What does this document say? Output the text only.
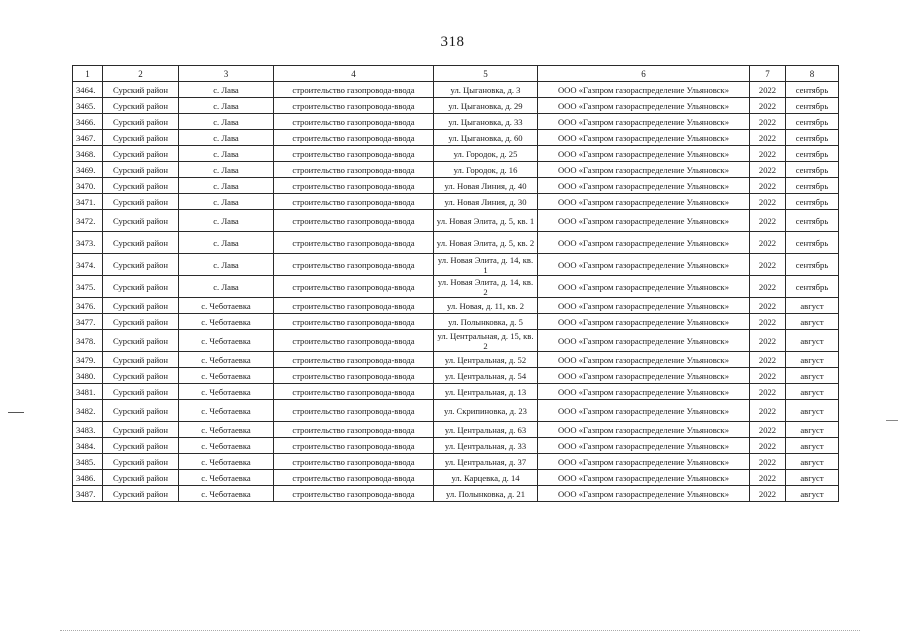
318
1	2	3	4	5	6	7	8
3464.	Сурский район	с. Лава	строительство газопровода-ввода	ул. Цыгановка, д. 3	ООО «Газпром газораспределение Ульяновск»	2022	сентябрь
3465.	Сурский район	с. Лава	строительство газопровода-ввода	ул. Цыгановка, д. 29	ООО «Газпром газораспределение Ульяновск»	2022	сентябрь
3466.	Сурский район	с. Лава	строительство газопровода-ввода	ул. Цыгановка, д. 33	ООО «Газпром газораспределение Ульяновск»	2022	сентябрь
3467.	Сурский район	с. Лава	строительство газопровода-ввода	ул. Цыгановка, д. 60	ООО «Газпром газораспределение Ульяновск»	2022	сентябрь
3468.	Сурский район	с. Лава	строительство газопровода-ввода	ул. Городок, д. 25	ООО «Газпром газораспределение Ульяновск»	2022	сентябрь
3469.	Сурский район	с. Лава	строительство газопровода-ввода	ул. Городок, д. 16	ООО «Газпром газораспределение Ульяновск»	2022	сентябрь
3470.	Сурский район	с. Лава	строительство газопровода-ввода	ул. Новая Линия, д. 40	ООО «Газпром газораспределение Ульяновск»	2022	сентябрь
3471.	Сурский район	с. Лава	строительство газопровода-ввода	ул. Новая Линия, д. 30	ООО «Газпром газораспределение Ульяновск»	2022	сентябрь
3472.	Сурский район	с. Лава	строительство газопровода-ввода	ул. Новая Элита, д. 5, кв. 1	ООО «Газпром газораспределение Ульяновск»	2022	сентябрь
3473.	Сурский район	с. Лава	строительство газопровода-ввода	ул. Новая Элита, д. 5, кв. 2	ООО «Газпром газораспределение Ульяновск»	2022	сентябрь
3474.	Сурский район	с. Лава	строительство газопровода-ввода	ул. Новая Элита, д. 14, кв. 1	ООО «Газпром газораспределение Ульяновск»	2022	сентябрь
3475.	Сурский район	с. Лава	строительство газопровода-ввода	ул. Новая Элита, д. 14, кв. 2	ООО «Газпром газораспределение Ульяновск»	2022	сентябрь
3476.	Сурский район	с. Чеботаевка	строительство газопровода-ввода	ул. Новая, д. 11, кв. 2	ООО «Газпром газораспределение Ульяновск»	2022	август
3477.	Сурский район	с. Чеботаевка	строительство газопровода-ввода	ул. Полынковка, д. 5	ООО «Газпром газораспределение Ульяновск»	2022	август
3478.	Сурский район	с. Чеботаевка	строительство газопровода-ввода	ул. Центральная, д. 15, кв. 2	ООО «Газпром газораспределение Ульяновск»	2022	август
3479.	Сурский район	с. Чеботаевка	строительство газопровода-ввода	ул. Центральная, д. 52	ООО «Газпром газораспределение Ульяновск»	2022	август
3480.	Сурский район	с. Чеботаевка	строительство газопровода-ввода	ул. Центральная, д. 54	ООО «Газпром газораспределение Ульяновск»	2022	август
3481.	Сурский район	с. Чеботаевка	строительство газопровода-ввода	ул. Центральная, д. 13	ООО «Газпром газораспределение Ульяновск»	2022	август
3482.	Сурский район	с. Чеботаевка	строительство газопровода-ввода	ул. Скрипиновка, д. 23	ООО «Газпром газораспределение Ульяновск»	2022	август
3483.	Сурский район	с. Чеботаевка	строительство газопровода-ввода	ул. Центральная, д. 63	ООО «Газпром газораспределение Ульяновск»	2022	август
3484.	Сурский район	с. Чеботаевка	строительство газопровода-ввода	ул. Центральная, д. 33	ООО «Газпром газораспределение Ульяновск»	2022	август
3485.	Сурский район	с. Чеботаевка	строительство газопровода-ввода	ул. Центральная, д. 37	ООО «Газпром газораспределение Ульяновск»	2022	август
3486.	Сурский район	с. Чеботаевка	строительство газопровода-ввода	ул. Карцевка, д. 14	ООО «Газпром газораспределение Ульяновск»	2022	август
3487.	Сурский район	с. Чеботаевка	строительство газопровода-ввода	ул. Полынковка, д. 21	ООО «Газпром газораспределение Ульяновск»	2022	август
